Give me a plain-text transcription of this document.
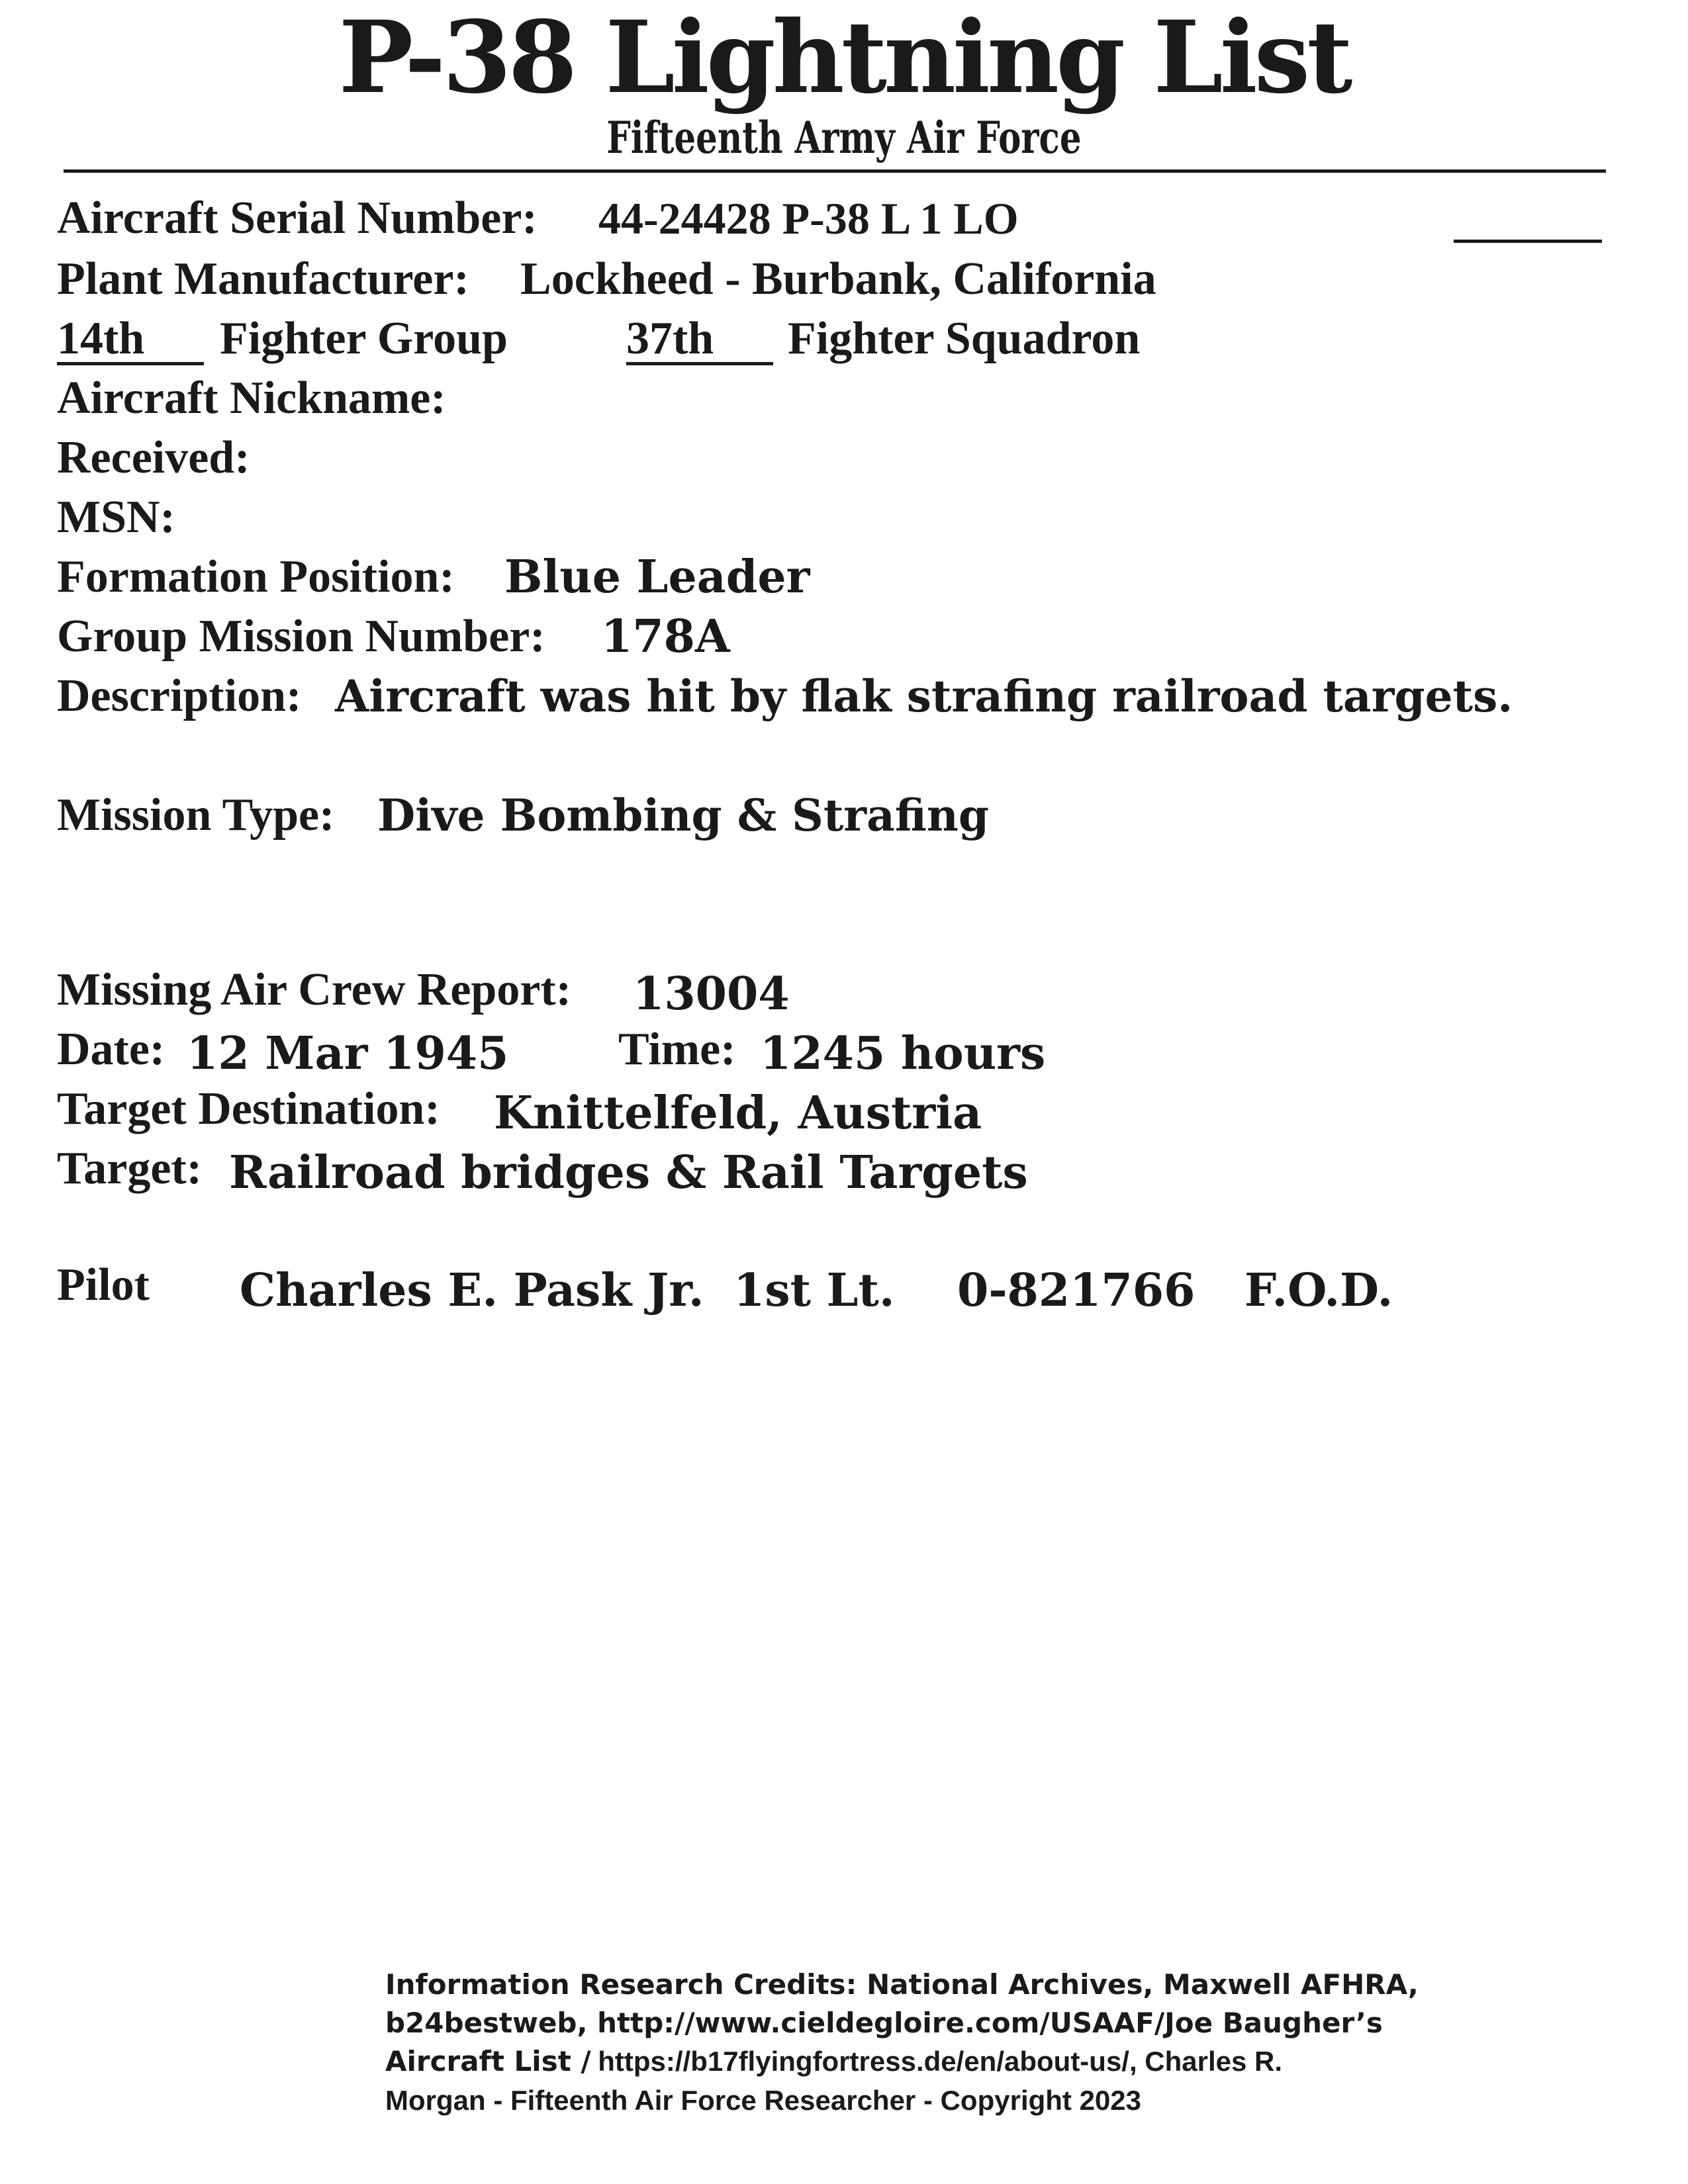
P-38 Lightning List
Fifteenth Army Air Force
Aircraft Serial Number: 44-24428 P-38 L 1 LO
Plant Manufacturer: Lockheed - Burbank, California
14th	Fighter Group	37th	Fighter Squadron
Aircraft Nickname:
Received:
MSN:
Formation Position: Blue Leader
Group Mission Number: 178A
Description: Aircraft was hit by flak strafing railroad targets.
Mission Type: Dive Bombing & Strafing
Missing Air Crew Report: 13004
Date: 12 Mar 1945 Time: 1245 hours
Target Destination: Knittelfeld, Austria
Target: Railroad bridges & Rail Targets
Pilot Charles E. Pask Jr. 1st Lt. 0-821766 F.O.D.
Information Research Credits: National Archives, Maxwell AFHRA,
b24bestweb, http://www.cieldegloire.com/USAAF/Joe Baugher’s
Aircraft List / https://b17flyingfortress.de/en/about-us/, Charles R.
Morgan - Fifteenth Air Force Researcher - Copyright 2023
